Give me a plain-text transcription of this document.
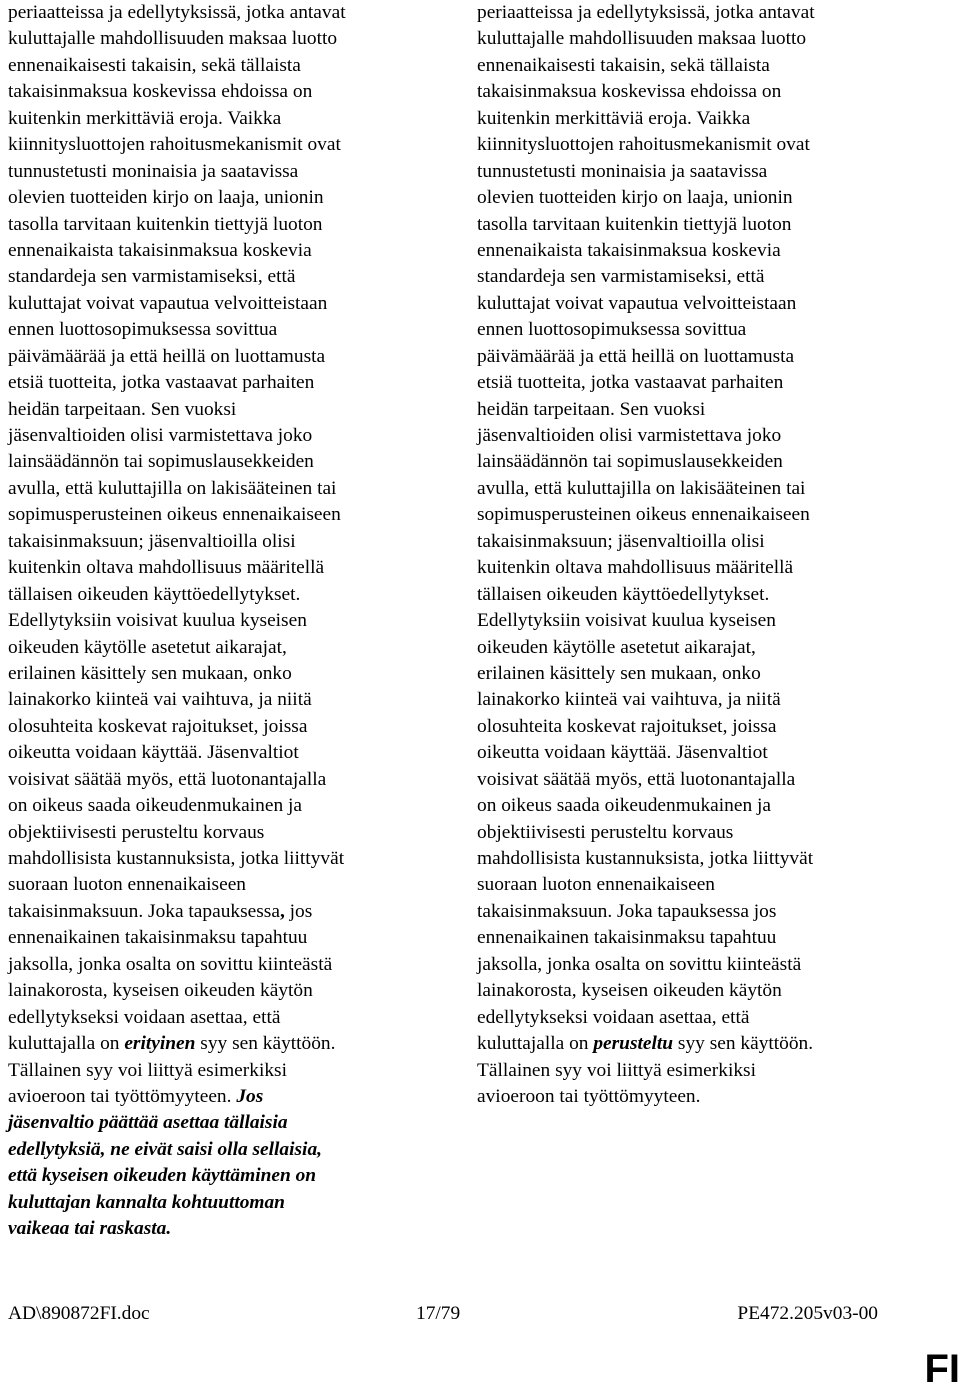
periaatteissa ja edellytyksissä, jotka antavat
kuluttajalle mahdollisuuden maksaa luotto
ennenaikaisesti takaisin, sekä tällaista
takaisinmaksua koskevissa ehdoissa on
kuitenkin merkittäviä eroja. Vaikka
kiinnitysluottojen rahoitusmekanismit ovat
tunnustetusti moninaisia ja saatavissa
olevien tuotteiden kirjo on laaja, unionin
tasolla tarvitaan kuitenkin tiettyjä luoton
ennenaikaista takaisinmaksua koskevia
standardeja sen varmistamiseksi, että
kuluttajat voivat vapautua velvoitteistaan
ennen luottosopimuksessa sovittua
päivämäärää ja että heillä on luottamusta
etsiä tuotteita, jotka vastaavat parhaiten
heidän tarpeitaan. Sen vuoksi
jäsenvaltioiden olisi varmistettava joko
lainsäädännön tai sopimuslausekkeiden
avulla, että kuluttajilla on lakisääteinen tai
sopimusperusteinen oikeus ennenaikaiseen
takaisinmaksuun; jäsenvaltioilla olisi
kuitenkin oltava mahdollisuus määritellä
tällaisen oikeuden käyttöedellytykset.
Edellytyksiin voisivat kuulua kyseisen
oikeuden käytölle asetetut aikarajat,
erilainen käsittely sen mukaan, onko
lainakorko kiinteä vai vaihtuva, ja niitä
olosuhteita koskevat rajoitukset, joissa
oikeutta voidaan käyttää. Jäsenvaltiot
voisivat säätää myös, että luotonantajalla
on oikeus saada oikeudenmukainen ja
objektiivisesti perusteltu korvaus
mahdollisista kustannuksista, jotka liittyvät
suoraan luoton ennenaikaiseen
takaisinmaksuun. Joka tapauksessa, jos
ennenaikainen takaisinmaksu tapahtuu
jaksolla, jonka osalta on sovittu kiinteästä
lainakorosta, kyseisen oikeuden käytön
edellytykseksi voidaan asettaa, että
kuluttajalla on erityinen syy sen käyttöön.
Tällainen syy voi liittyä esimerkiksi
avioeroon tai työttömyyteen. Jos
jäsenvaltio päättää asettaa tällaisia
edellytyksiä, ne eivät saisi olla sellaisia,
että kyseisen oikeuden käyttäminen on
kuluttajan kannalta kohtuuttoman
vaikeaa tai raskasta.
periaatteissa ja edellytyksissä, jotka antavat
kuluttajalle mahdollisuuden maksaa luotto
ennenaikaisesti takaisin, sekä tällaista
takaisinmaksua koskevissa ehdoissa on
kuitenkin merkittäviä eroja. Vaikka
kiinnitysluottojen rahoitusmekanismit ovat
tunnustetusti moninaisia ja saatavissa
olevien tuotteiden kirjo on laaja, unionin
tasolla tarvitaan kuitenkin tiettyjä luoton
ennenaikaista takaisinmaksua koskevia
standardeja sen varmistamiseksi, että
kuluttajat voivat vapautua velvoitteistaan
ennen luottosopimuksessa sovittua
päivämäärää ja että heillä on luottamusta
etsiä tuotteita, jotka vastaavat parhaiten
heidän tarpeitaan. Sen vuoksi
jäsenvaltioiden olisi varmistettava joko
lainsäädännön tai sopimuslausekkeiden
avulla, että kuluttajilla on lakisääteinen tai
sopimusperusteinen oikeus ennenaikaiseen
takaisinmaksuun; jäsenvaltioilla olisi
kuitenkin oltava mahdollisuus määritellä
tällaisen oikeuden käyttöedellytykset.
Edellytyksiin voisivat kuulua kyseisen
oikeuden käytölle asetetut aikarajat,
erilainen käsittely sen mukaan, onko
lainakorko kiinteä vai vaihtuva, ja niitä
olosuhteita koskevat rajoitukset, joissa
oikeutta voidaan käyttää. Jäsenvaltiot
voisivat säätää myös, että luotonantajalla
on oikeus saada oikeudenmukainen ja
objektiivisesti perusteltu korvaus
mahdollisista kustannuksista, jotka liittyvät
suoraan luoton ennenaikaiseen
takaisinmaksuun. Joka tapauksessa jos
ennenaikainen takaisinmaksu tapahtuu
jaksolla, jonka osalta on sovittu kiinteästä
lainakorosta, kyseisen oikeuden käytön
edellytykseksi voidaan asettaa, että
kuluttajalla on perusteltu syy sen käyttöön.
Tällainen syy voi liittyä esimerkiksi
avioeroon tai työttömyyteen.
AD\890872FI.doc	17/79	PE472.205v03-00
FI
